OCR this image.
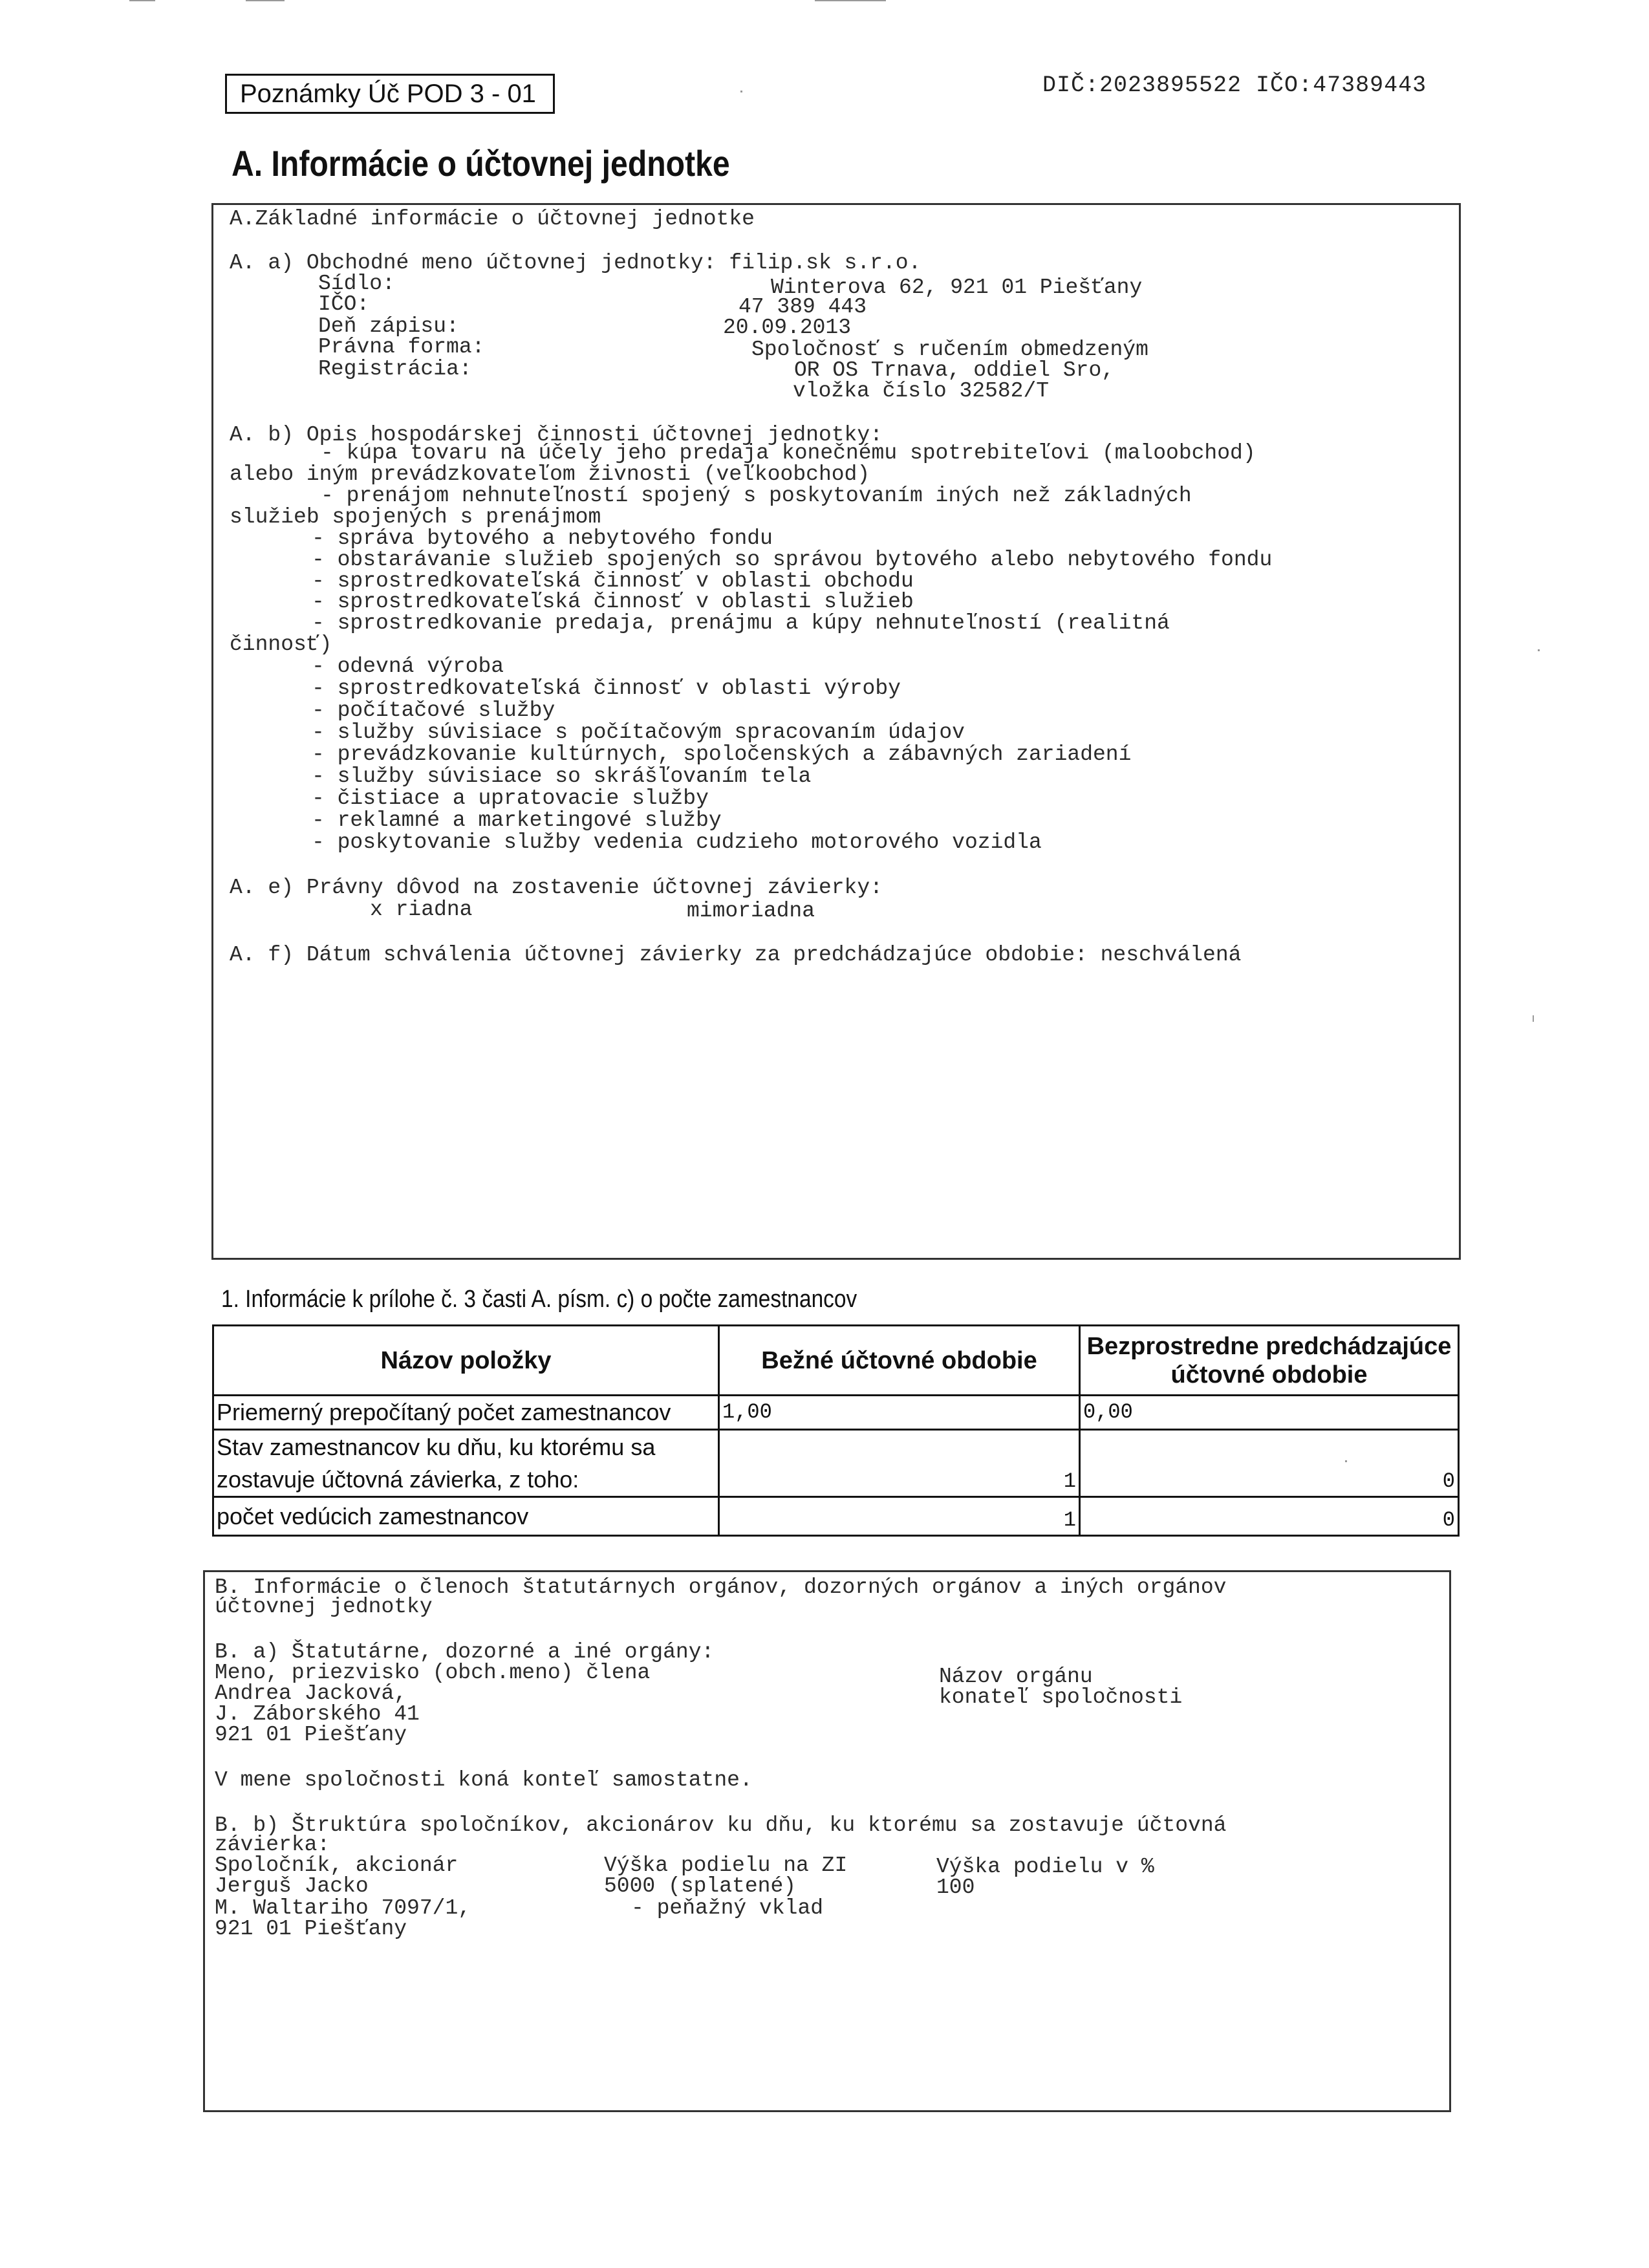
Poznámky Úč POD 3 - 01	DIČ:2023895522 IČO:47389443
A. Informácie o účtovnej jednotke
A.Základné informácie o účtovnej jednotke
A. a) Obchodné meno účtovnej jednotky: filip.sk s.r.o.
Sídlo:	Winterova 62, 921 01 Piešťany
IČO:	47 389 443
Deň zápisu:	20.09.2013
Právna forma:	Spoločnosť s ručením obmedzeným
Registrácia:	OR OS Trnava, oddiel Sro,
vložka číslo 32582/T
A. b) Opis hospodárskej činnosti účtovnej jednotky:
- kúpa tovaru na účely jeho predaja konečnému spotrebiteľovi (maloobchod)
alebo iným prevádzkovateľom živnosti (veľkoobchod)
- prenájom nehnuteľností spojený s poskytovaním iných než základných
služieb spojených s prenájmom
- správa bytového a nebytového fondu
- obstarávanie služieb spojených so správou bytového alebo nebytového fondu
- sprostredkovateľská činnosť v oblasti obchodu
- sprostredkovateľská činnosť v oblasti služieb
- sprostredkovanie predaja, prenájmu a kúpy nehnuteľností (realitná
činnosť)
- odevná výroba
- sprostredkovateľská činnosť v oblasti výroby
- počítačové služby
- služby súvisiace s počítačovým spracovaním údajov
- prevádzkovanie kultúrnych, spoločenských a zábavných zariadení
- služby súvisiace so skrášľovaním tela
- čistiace a upratovacie služby
- reklamné a marketingové služby
- poskytovanie služby vedenia cudzieho motorového vozidla
A. e) Právny dôvod na zostavenie účtovnej závierky:
x riadna	mimoriadna
A. f) Dátum schválenia účtovnej závierky za predchádzajúce obdobie: neschválená
1. Informácie k prílohe č. 3 časti A. písm. c) o počte zamestnancov
Názov položky	Bežné účtovné obdobie	Bezprostredne predchádzajúce účtovné obdobie
Priemerný prepočítaný počet zamestnancov	1,00	0,00
Stav zamestnancov ku dňu, ku ktorému sa zostavuje účtovná závierka, z toho:	1	0
počet vedúcich zamestnancov	1	0
B. Informácie o členoch štatutárnych orgánov, dozorných orgánov a iných orgánov
účtovnej jednotky
B. a) Štatutárne, dozorné a iné orgány:
Meno, priezvisko (obch.meno) člena	Názov orgánu
Andrea Jacková,	konateľ spoločnosti
J. Záborského 41
921 01 Piešťany
V mene spoločnosti koná konteľ samostatne.
B. b) Štruktúra spoločníkov, akcionárov ku dňu, ku ktorému sa zostavuje účtovná
závierka:
Spoločník, akcionár	Výška podielu na ZI	Výška podielu v %
Jerguš Jacko	5000 (splatené)	100
M. Waltariho 7097/1,	- peňažný vklad
921 01 Piešťany
